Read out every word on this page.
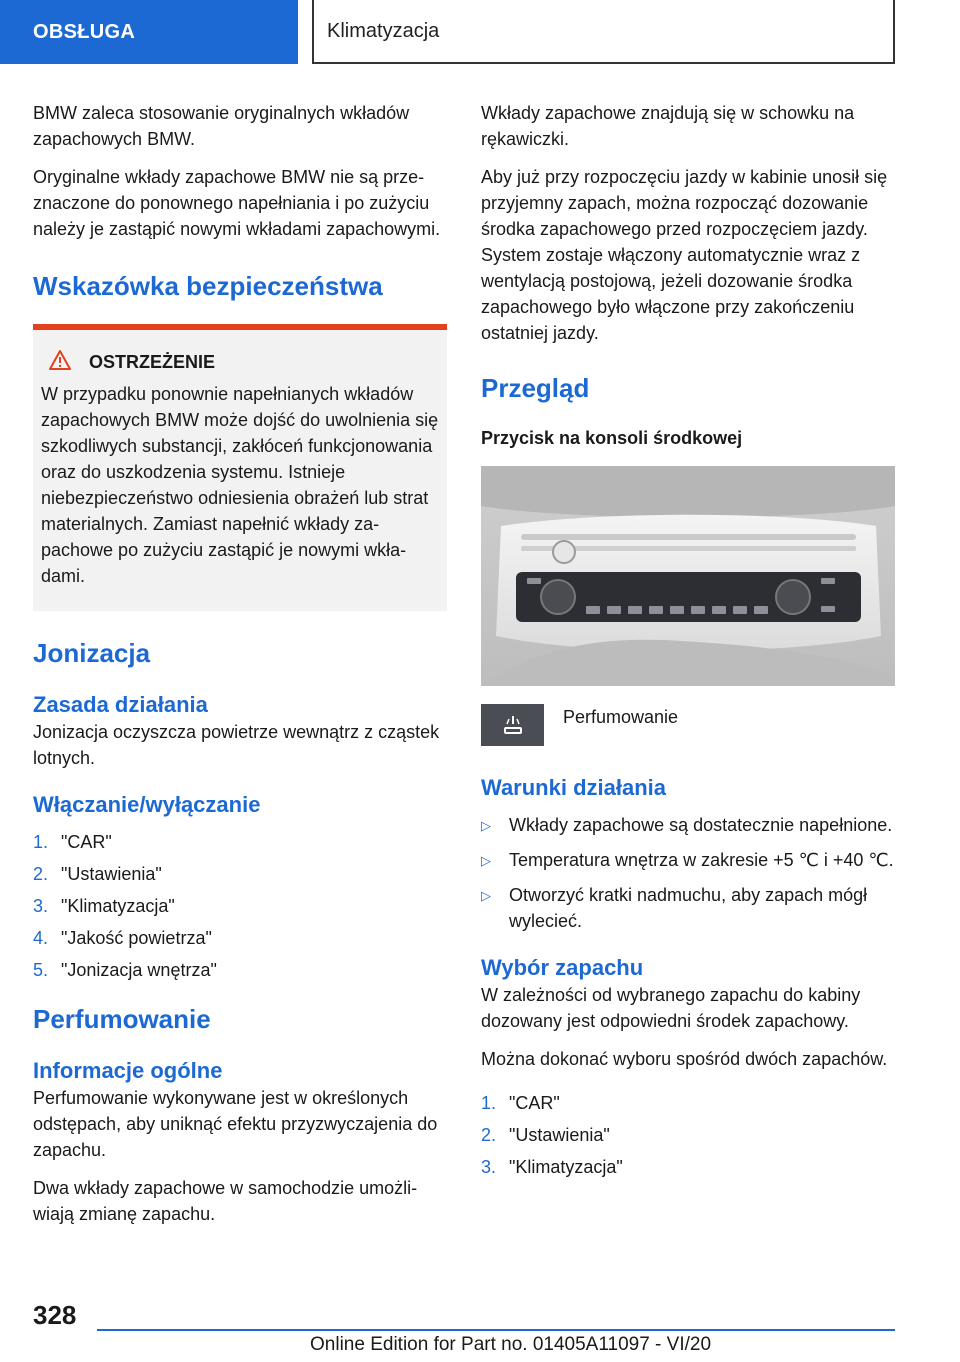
OBSŁUGA	Klimatyzacja

BMW zaleca stosowanie oryginalnych wkładów zapachowych BMW.

Oryginalne wkłady zapachowe BMW nie są przeznaczone do ponownego napełniania i po zużyciu należy je zastąpić nowymi wkładami zapachowymi.

Wskazówka bezpieczeństwa
OSTRZEŻENIE

W przypadku ponownie napełnianych wkładów zapachowych BMW może dojść do uwolnienia się szkodliwych substancji, zakłóceń funkcjonowania oraz do uszkodzenia systemu. Istnieje niebezpieczeństwo odniesienia obrażeń lub strat materialnych. Zamiast napełnić wkłady zapachowe po zużyciu zastąpić je nowymi wkładami.

Jonizacja
Zasada działania

Jonizacja oczyszcza powietrze wewnątrz z cząstek lotnych.

Włączanie/wyłączanie
1. "CAR"
2. "Ustawienia"
3. "Klimatyzacja"
4. "Jakość powietrza"
5. "Jonizacja wnętrza"
Perfumowanie
Informacje ogólne

Perfumowanie wykonywane jest w określonych odstępach, aby uniknąć efektu przyzwyczajenia do zapachu.

Dwa wkłady zapachowe w samochodzie umożliwiają zmianę zapachu.

Wkłady zapachowe znajdują się w schowku na rękawiczki.

Aby już przy rozpoczęciu jazdy w kabinie unosił się przyjemny zapach, można rozpocząć dozowanie środka zapachowego przed rozpoczęciem jazdy. System zostaje włączony automatycznie wraz z wentylacją postojową, jeżeli dozowanie środka zapachowego było włączone przy zakończeniu ostatniej jazdy.

Przegląd
Przycisk na konsoli środkowej
Perfumowanie
Warunki działania
▷	Wkłady zapachowe są dostatecznie napełnione.
▷	Temperatura wnętrza w zakresie +5 ℃ i +40 ℃.
▷	Otworzyć kratki nadmuchu, aby zapach mógł wylecieć.
Wybór zapachu

W zależności od wybranego zapachu do kabiny dozowany jest odpowiedni środek zapachowy.

Można dokonać wyboru spośród dwóch zapachów.

1. "CAR"
2. "Ustawienia"
3. "Klimatyzacja"
328
Online Edition for Part no. 01405A11097 - VI/20
